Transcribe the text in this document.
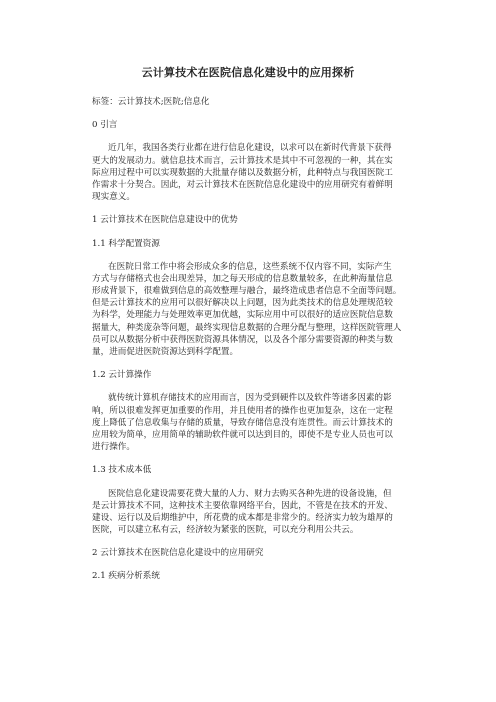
云计算技术在医院信息化建设中的应用探析
标签：云计算技术;医院;信息化
0 引言
近几年，我国各类行业都在进行信息化建设，以求可以在新时代背景下获得
更大的发展动力。就信息技术而言，云计算技术是其中不可忽视的一种，其在实
际应用过程中可以实现数据的大批量存储以及数据分析，此种特点与我国医院工
作需求十分契合。因此，对云计算技术在医院信息化建设中的应用研究有着鲜明
现实意义。
1 云计算技术在医院信息建设中的优势
1.1 科学配置资源
在医院日常工作中将会形成众多的信息，这些系统不仅内容不同，实际产生
方式与存储格式也会出现差异，加之每天形成的信息数量较多，在此种海量信息
形成背景下，很难做到信息的高效整理与融合，最终造成患者信息不全面等问题。
但是云计算技术的应用可以很好解决以上问题，因为此类技术的信息处理规范较
为科学，处理能力与处理效率更加优越，实际应用中可以很好的适应医院信息数
据量大，种类庞杂等问题，最终实现信息数据的合理分配与整理，这样医院管理人
员可以从数据分析中获得医院资源具体情况，以及各个部分需要资源的种类与数
量，进而促进医院资源达到科学配置。
1.2 云计算操作
就传统计算机存储技术的应用而言，因为受到硬件以及软件等诸多因素的影
响，所以很难发挥更加重要的作用，并且使用者的操作也更加复杂，这在一定程
度上降低了信息收集与存储的质量，导致存储信息没有连贯性。而云计算技术的
应用较为简单，应用简单的辅助软件就可以达到目的，即使不是专业人员也可以
进行操作。
1.3 技术成本低
医院信息化建设需要花费大量的人力、财力去购买各种先进的设备设施，但
是云计算技术不同，这种技术主要依靠网络平台，因此，不管是在技术的开发、
建设、运行以及后期维护中，所花费的成本都是非常少的。经济实力较为雄厚的
医院，可以建立私有云，经济较为紧张的医院，可以充分利用公共云。
2 云计算技术在医院信息化建设中的应用研究
2.1 疾病分析系统
